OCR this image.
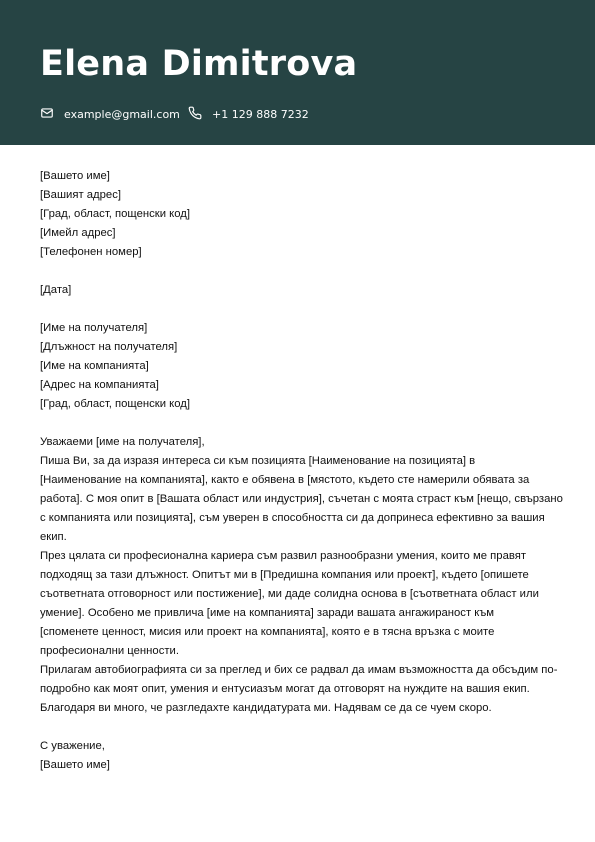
Elena Dimitrova
example@gmail.com	+1 129 888 7232
[Вашето име]
[Вашият адрес]
[Град, област, пощенски код]
[Имейл адрес]
[Телефонен номер]
[Дата]
[Име на получателя]
[Длъжност на получателя]
[Име на компанията]
[Адрес на компанията]
[Град, област, пощенски код]
Уважаеми [име на получателя],
Пиша Ви, за да изразя интереса си към позицията [Наименование на позицията] в
[Наименование на компанията], както е обявена в [мястото, където сте намерили обявата за
работа]. С моя опит в [Вашата област или индустрия], съчетан с моята страст към [нещо, свързано
с компанията или позицията], съм уверен в способността си да допринеса ефективно за вашия
екип.
През цялата си професионална кариера съм развил разнообразни умения, които ме правят
подходящ за тази длъжност. Опитът ми в [Предишна компания или проект], където [опишете
съответната отговорност или постижение], ми даде солидна основа в [съответната област или
умение]. Особено ме привлича [име на компанията] заради вашата ангажираност към
[споменете ценност, мисия или проект на компанията], която е в тясна връзка с моите
професионални ценности.
Прилагам автобиографията си за преглед и бих се радвал да имам възможността да обсъдим по-
подробно как моят опит, умения и ентусиазъм могат да отговорят на нуждите на вашия екип.
Благодаря ви много, че разгледахте кандидатурата ми. Надявам се да се чуем скоро.
С уважение,
[Вашето име]
